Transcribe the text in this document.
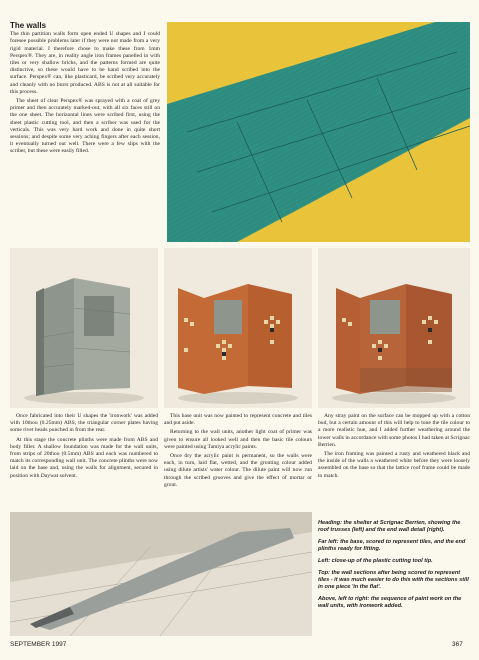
The walls

The thin partition walls form open ended U shapes and I could foresee possible problems later if they were not made from a very rigid material. I therefore chose to make these from 1mm Perspex®. They are, in reality angle iron frames panelled in with tiles or very shallow bricks, and the patterns formed are quite distinctive, so these would have to be hand scribed into the surface. Perspex® can, like plasticard, be scribed very accurately and cleanly with no burrs produced. ABS is not at all suitable for this process.

The sheet of clear Perspex® was sprayed with a coat of grey primer and then accurately marked-out, with all six faces still on the one sheet. The horizontal lines were scribed first, using the sheet plastic cutting tool, and then a scriber was used for the verticals. This was very hard work and done in quite short sessions; and despite some very aching fingers after each session, it eventually turned out well. There were a few slips with the scriber, but these were easily filled.

Once fabricated into their U shapes the 'ironwork' was added with 10thou (0.25mm) ABS, the triangular corner plates having some rivet heads punched in from the rear.

At this stage the concrete plinths were made from ABS and body filler. A shallow foundation was made for the wall units, from strips of 20thou (0.5mm) ABS and each was numbered to match its corresponding wall unit. The concrete plinths were now laid on the base and, using the walls for alignment, secured in position with Daywat solvent.

This base unit was now painted to represent concrete and tiles and put aside.

Returning to the wall units, another light coat of primer was given to ensure all looked well and then the basic tile colours were painted using Tamiya acrylic paints.

Once dry the acrylic paint is permanent, so the walls were each, in turn, laid flat, wetted, and the grouting colour added using dilute artists' water colour. The dilute paint will now run through the scribed grooves and give the effect of mortar or grout.

Any stray paint on the surface can be mopped up with a cotton bud, but a certain amount of this will help to tone the tile colour to a more realistic hue, and I added further weathering around the lower walls in accordance with some photos I had taken at Scrignac Berrien.

The iron framing was painted a rusty and weathered black and the inside of the walls a weathered white before they were loosely assembled on the base so that the lattice roof frame could be made to match.

Heading: the shelter at Scrignac Berrien, showing the roof trusses (left) and the end wall detail (right).

Far left: the base, scored to represent tiles, and the end plinths ready for fitting.

Left: close-up of the plastic cutting tool tip.

Top: the wall sections after being scored to represent tiles - it was much easier to do this with the sections still in one piece 'in the flat'.

Above, left to right: the sequence of paint work on the wall units, with ironwork added.

SEPTEMBER 1997	367
